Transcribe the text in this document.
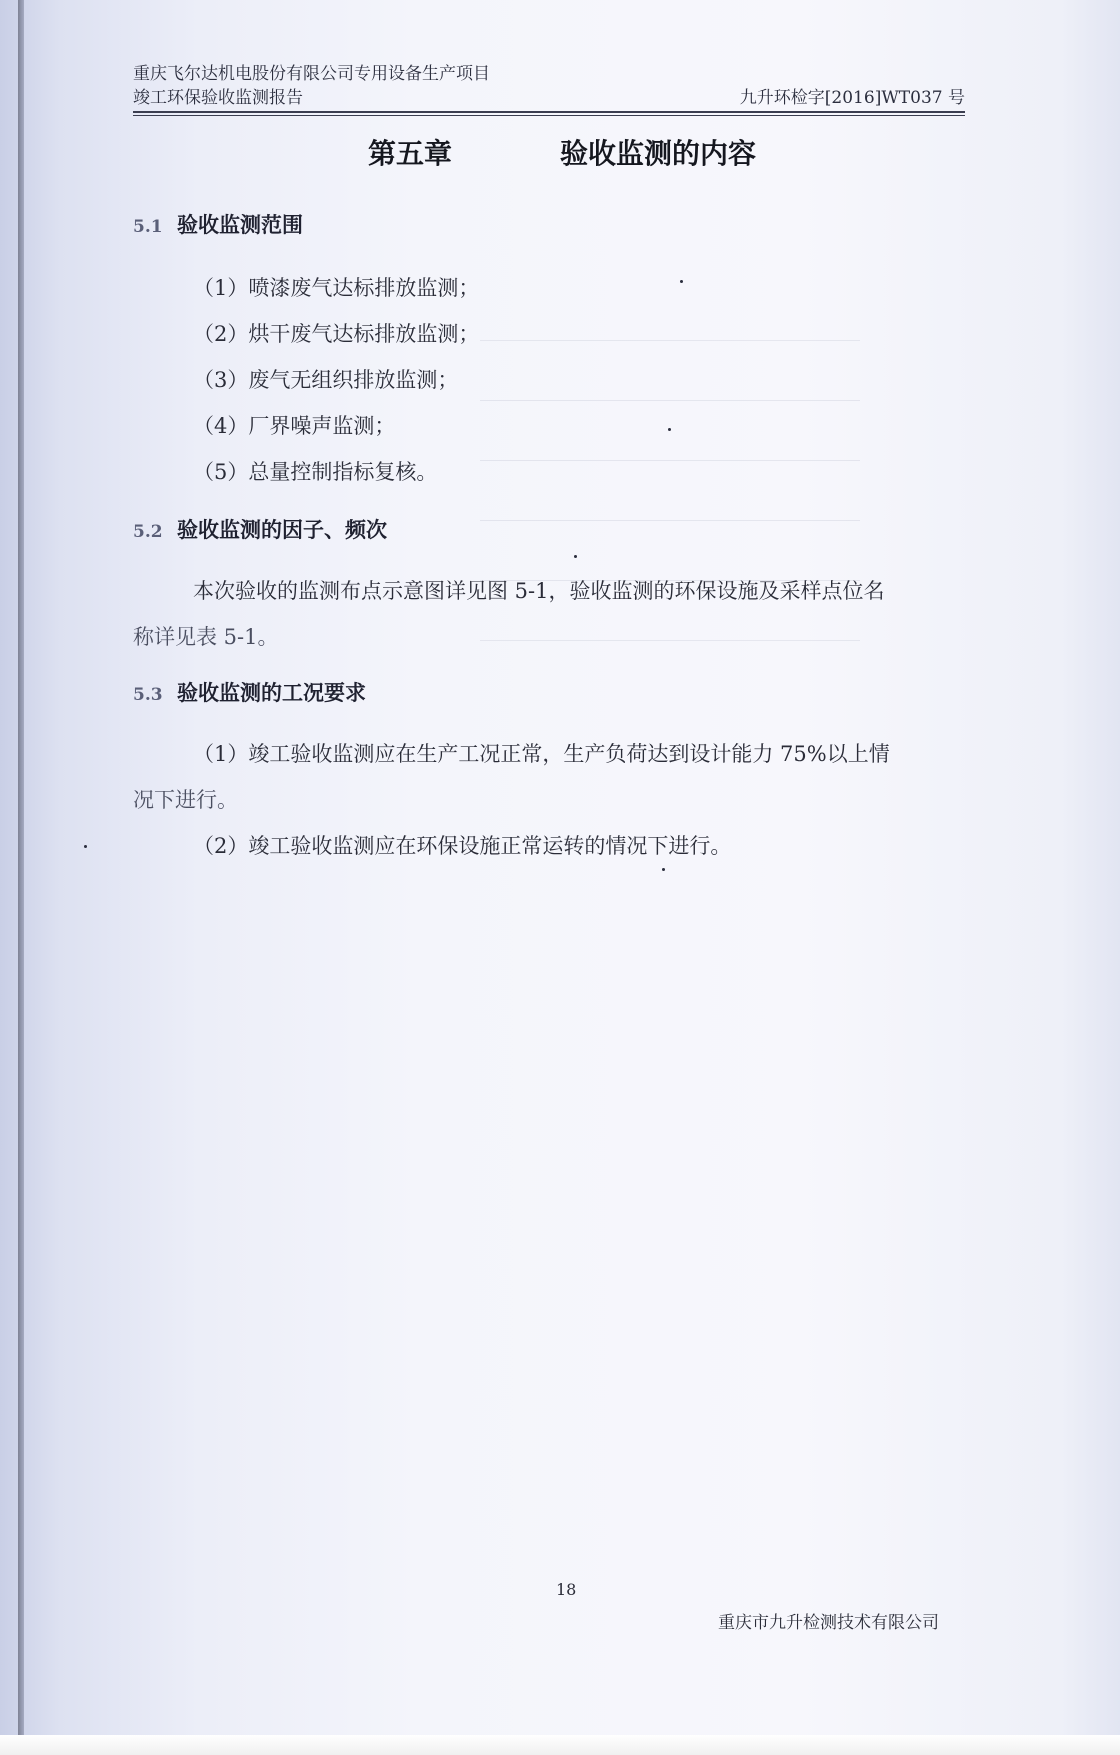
重庆飞尔达机电股份有限公司专用设备生产项目
竣工环保验收监测报告	九升环检字[2016]WT037 号
第五章	验收监测的内容
5.1 验收监测范围
（1）喷漆废气达标排放监测；
（2）烘干废气达标排放监测；
（3）废气无组织排放监测；
（4）厂界噪声监测；
（5）总量控制指标复核。
5.2 验收监测的因子、频次
本次验收的监测布点示意图详见图 5-1，验收监测的环保设施及采样点位名
称详见表 5-1。
5.3 验收监测的工况要求
（1）竣工验收监测应在生产工况正常，生产负荷达到设计能力 75%以上情
况下进行。
（2）竣工验收监测应在环保设施正常运转的情况下进行。
18
重庆市九升检测技术有限公司
